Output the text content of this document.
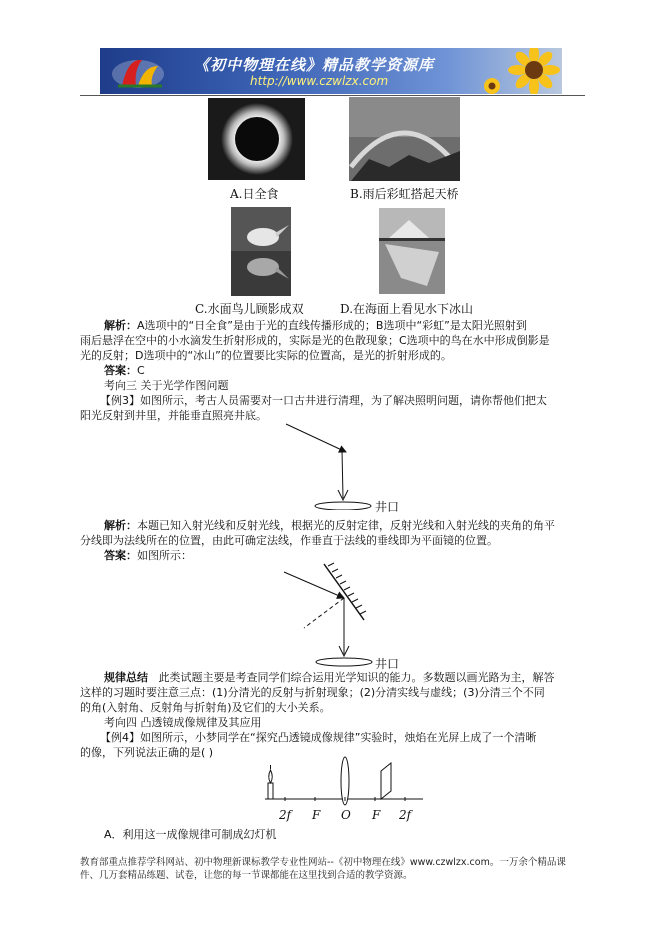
《初中物理在线》精品教学资源库
http://www.czwlzx.com
A.日全食	B.雨后彩虹搭起天桥
C.水面鸟儿顾影成双	D.在海面上看见水下冰山
解析：A选项中的“日全食”是由于光的直线传播形成的；B选项中“彩虹”是太阳光照射到
雨后悬浮在空中的小水滴发生折射形成的，实际是光的色散现象；C选项中的鸟在水中形成倒影是
光的反射；D选项中的“冰山”的位置要比实际的位置高，是光的折射形成的。
答案：C
考向三 关于光学作图问题
【例3】如图所示，考古人员需要对一口古井进行清理，为了解决照明问题，请你帮他们把太
阳光反射到井里，并能垂直照亮井底。
井口
解析：本题已知入射光线和反射光线，根据光的反射定律，反射光线和入射光线的夹角的角平
分线即为法线所在的位置，由此可确定法线，作垂直于法线的垂线即为平面镜的位置。
答案：如图所示：
井口
规律总结 此类试题主要是考查同学们综合运用光学知识的能力。多数题以画光路为主，解答
这样的习题时要注意三点：(1)分清光的反射与折射现象；(2)分清实线与虚线；(3)分清三个不同
的角(入射角、反射角与折射角)及它们的大小关系。
考向四 凸透镜成像规律及其应用
【例4】如图所示，小梦同学在“探究凸透镜成像规律”实验时，烛焰在光屏上成了一个清晰
的像，下列说法正确的是( )
2f F O F 2f
A．利用这一成像规律可制成幻灯机
教育部重点推荐学科网站、初中物理新课标教学专业性网站--《初中物理在线》www.czwlzx.com。一万余个精品课
件、几万套精品练题、试卷，让您的每一节课都能在这里找到合适的教学资源。
